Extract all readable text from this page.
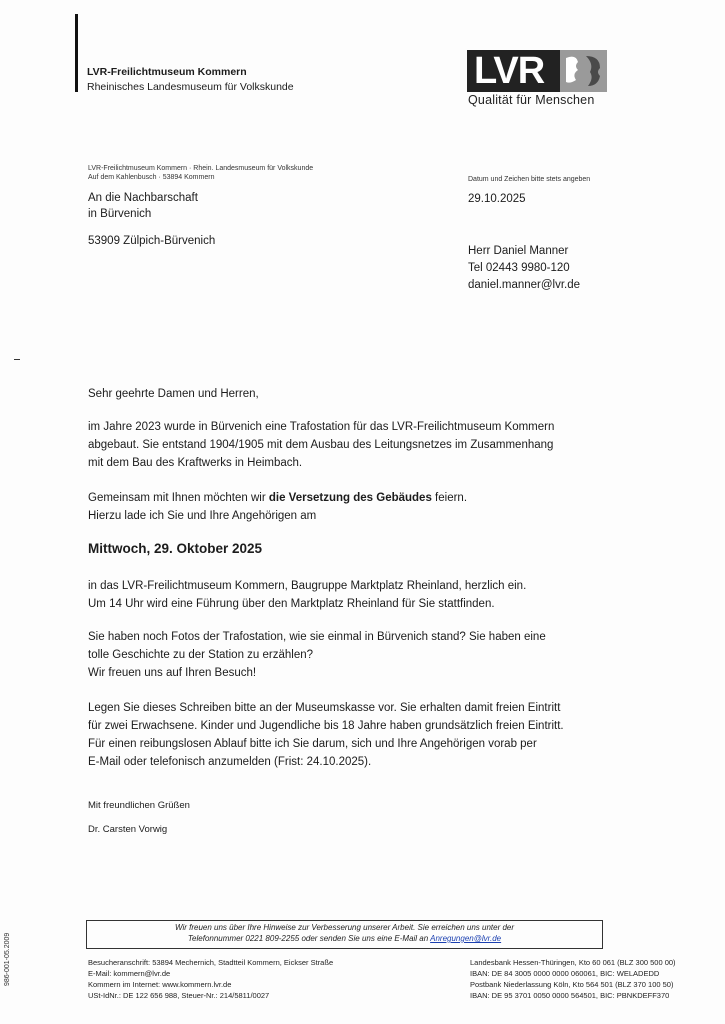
LVR-Freilichtmuseum Kommern
Rheinisches Landesmuseum für Volkskunde	LVR
Qualität für Menschen
LVR-Freilichtmuseum Kommern · Rhein. Landesmuseum für Volkskunde
Auf dem Kahlenbusch · 53894 Kommern	Datum und Zeichen bitte stets angeben
An die Nachbarschaft
in Bürvenich
53909 Zülpich-Bürvenich
29.10.2025
Herr Daniel Manner
Tel 02443 9980-120
daniel.manner@lvr.de
Sehr geehrte Damen und Herren,
im Jahre 2023 wurde in Bürvenich eine Trafostation für das LVR-Freilichtmuseum Kommern
abgebaut. Sie entstand 1904/1905 mit dem Ausbau des Leitungsnetzes im Zusammenhang
mit dem Bau des Kraftwerks in Heimbach.
Gemeinsam mit Ihnen möchten wir die Versetzung des Gebäudes feiern.
Hierzu lade ich Sie und Ihre Angehörigen am
Mittwoch, 29. Oktober 2025
in das LVR-Freilichtmuseum Kommern, Baugruppe Marktplatz Rheinland, herzlich ein.
Um 14 Uhr wird eine Führung über den Marktplatz Rheinland für Sie stattfinden.
Sie haben noch Fotos der Trafostation, wie sie einmal in Bürvenich stand? Sie haben eine
tolle Geschichte zu der Station zu erzählen?
Wir freuen uns auf Ihren Besuch!
Legen Sie dieses Schreiben bitte an der Museumskasse vor. Sie erhalten damit freien Eintritt
für zwei Erwachsene. Kinder und Jugendliche bis 18 Jahre haben grundsätzlich freien Eintritt.
Für einen reibungslosen Ablauf bitte ich Sie darum, sich und Ihre Angehörigen vorab per
E-Mail oder telefonisch anzumelden (Frist: 24.10.2025).
Mit freundlichen Grüßen
Dr. Carsten Vorwig
Wir freuen uns über Ihre Hinweise zur Verbesserung unserer Arbeit. Sie erreichen uns unter der
Telefonnummer 0221 809-2255 oder senden Sie uns eine E-Mail an Anregungen@lvr.de
Besucheranschrift: 53894 Mechernich, Stadtteil Kommern, Eickser Straße
E-Mail: kommern@lvr.de
Kommern im Internet: www.kommern.lvr.de
USt-IdNr.: DE 122 656 988, Steuer-Nr.: 214/5811/0027
Landesbank Hessen-Thüringen, Kto 60 061 (BLZ 300 500 00)
IBAN: DE 84 3005 0000 0000 060061, BIC: WELADEDD
Postbank Niederlassung Köln, Kto 564 501 (BLZ 370 100 50)
IBAN: DE 95 3701 0050 0000 564501, BIC: PBNKDEFF370
986-001-05.2009
